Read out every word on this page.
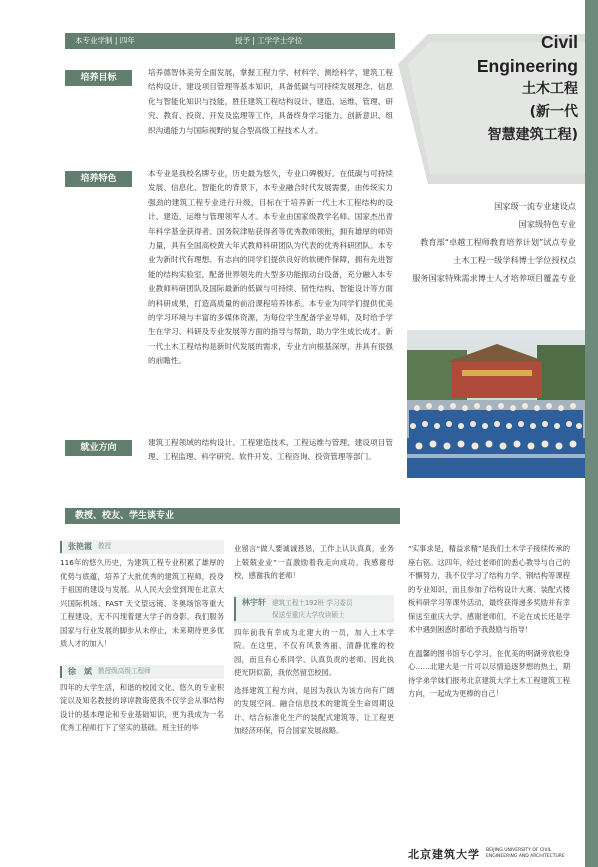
本专业学制 | 四年	授予 | 工学学士学位	Civil
Engineering
土木工程
(新一代
智慧建筑工程)
国家级一流专业建设点
国家级特色专业
教育部“卓越工程师教育培养计划”试点专业
土木工程一级学科博士学位授权点
服务国家特殊需求博士人才培养项目覆盖专业
培养目标
培养德智体美劳全面发展，掌握工程力学、材料学、测绘科学、建筑工程结构设计、建设项目管理等基本知识，具备低碳与可持续发展理念、信息化与智能化知识与技能，胜任建筑工程结构设计、建造、运维、管理、研究、教育、投资、开发及监理等工作，具备终身学习能力、创新意识、组织沟通能力与国际视野的复合型高级工程技术人才。
培养特色
本专业是我校名牌专业，历史最为悠久，专业口碑极好。在低碳与可持续发展、信息化、智能化的背景下，本专业融合时代发展需要，由传统实力强劲的建筑工程专业进行升级，目标在于培养新一代土木工程结构的设计、建造、运维与管理领军人才。本专业由国家级教学名师、国家杰出青年科学基金获得者、国务院津贴获得者等优秀教师领衔，拥有雄厚的师资力量，具有全国高校黄大年式教师科研团队为代表的优秀科研团队。本专业为新时代有理想、有志向的同学们提供良好的软硬件保障，拥有先进智能的结构实验室，配备世界领先的大型多功能振动台设备，充分融入本专业教师科研团队及国际最新的低碳与可持续、韧性结构、智能设计等方面的科研成果，打造高质量的前沿课程培养体系。本专业为同学们提供优美的学习环境与丰富的多媒体资源，为每位学生配备学业导师，及时给予学生在学习、科研及专业发展等方面的指导与帮助，助力学生成长成才。新一代土木工程结构是新时代发展的需求，专业方向根基深厚，并具有很强的前瞻性。
就业方向
建筑工程领域的结构设计、工程建造技术、工程运维与管理、建设项目管理、工程监理、科学研究、软件开发、工程咨询、投资管理等部门。
教授、校友、学生谈专业
张艳霞 教授
116年的悠久历史，为建筑工程专业积累了雄厚的优势与底蕴，培养了大批优秀的建筑工程师，投身于祖国的建设与发展。从人民大会堂到现在北京大兴国际机场、FAST 天文望远镜、冬奥场馆等重大工程建设，无不闪现着建大学子的身影。我们服务国家与行业发展的脚步从未停止，未来期待更多优质人才的加入！
徐　斌 教授级高级工程师
四年的大学生活，和谐的校园文化、悠久的专业积淀以及知名教授的谆谆教诲使我不仅学会从事结构设计的基本理论和专业基础知识，更为我成为一名优秀工程师打下了坚实的基础。班主任的毕
业留言“做人要诚诚恳恳，工作上认认真真，业务上兢兢业业”一直激励着我走向成功。我感谢母校，感谢我的老师！
林宇轩 建筑工程土192班 学习委员
保送至重庆大学攻读硕士
四年前我有幸成为北建大的一员，加入土木学院。在这里，不仅有风景秀丽、清静优雅的校园，而且有心系同学、认真负责的老师。因此执使光阴似箭，我依然留恋校园。
选择建筑工程方向，是因为我认为该方向有广阔的发展空间。融合信息技术的建筑全生命周期设计、结合标准化生产的装配式建筑等，让工程更加经济环保，符合国家发展战略。
“实事求是，精益求精”是我们土木学子接续传承的座右铭。这四年，经过老师们的悉心教导与自己的不懈努力，我不仅学习了结构力学、钢结构等课程的专业知识，而且参加了结构设计大赛、装配式楼板科研学习等课外活动，最终获得递多奖励并有幸保送至重庆大学。感谢老师们，不论在成长还是学术中遇到困惑时都给予我鼓励与指导！
在温馨的图书馆专心学习，在优美的明湖旁放松身心……北建大是一片可以尽情追逐梦想的热土，期待学弟学妹们报考北京建筑大学土木工程建筑工程方向，一起成为更棒的自己！
北京建筑大学 BEIJING UNIVERSITY OF CIVIL
ENGINEERING AND ARCHITECTURE
